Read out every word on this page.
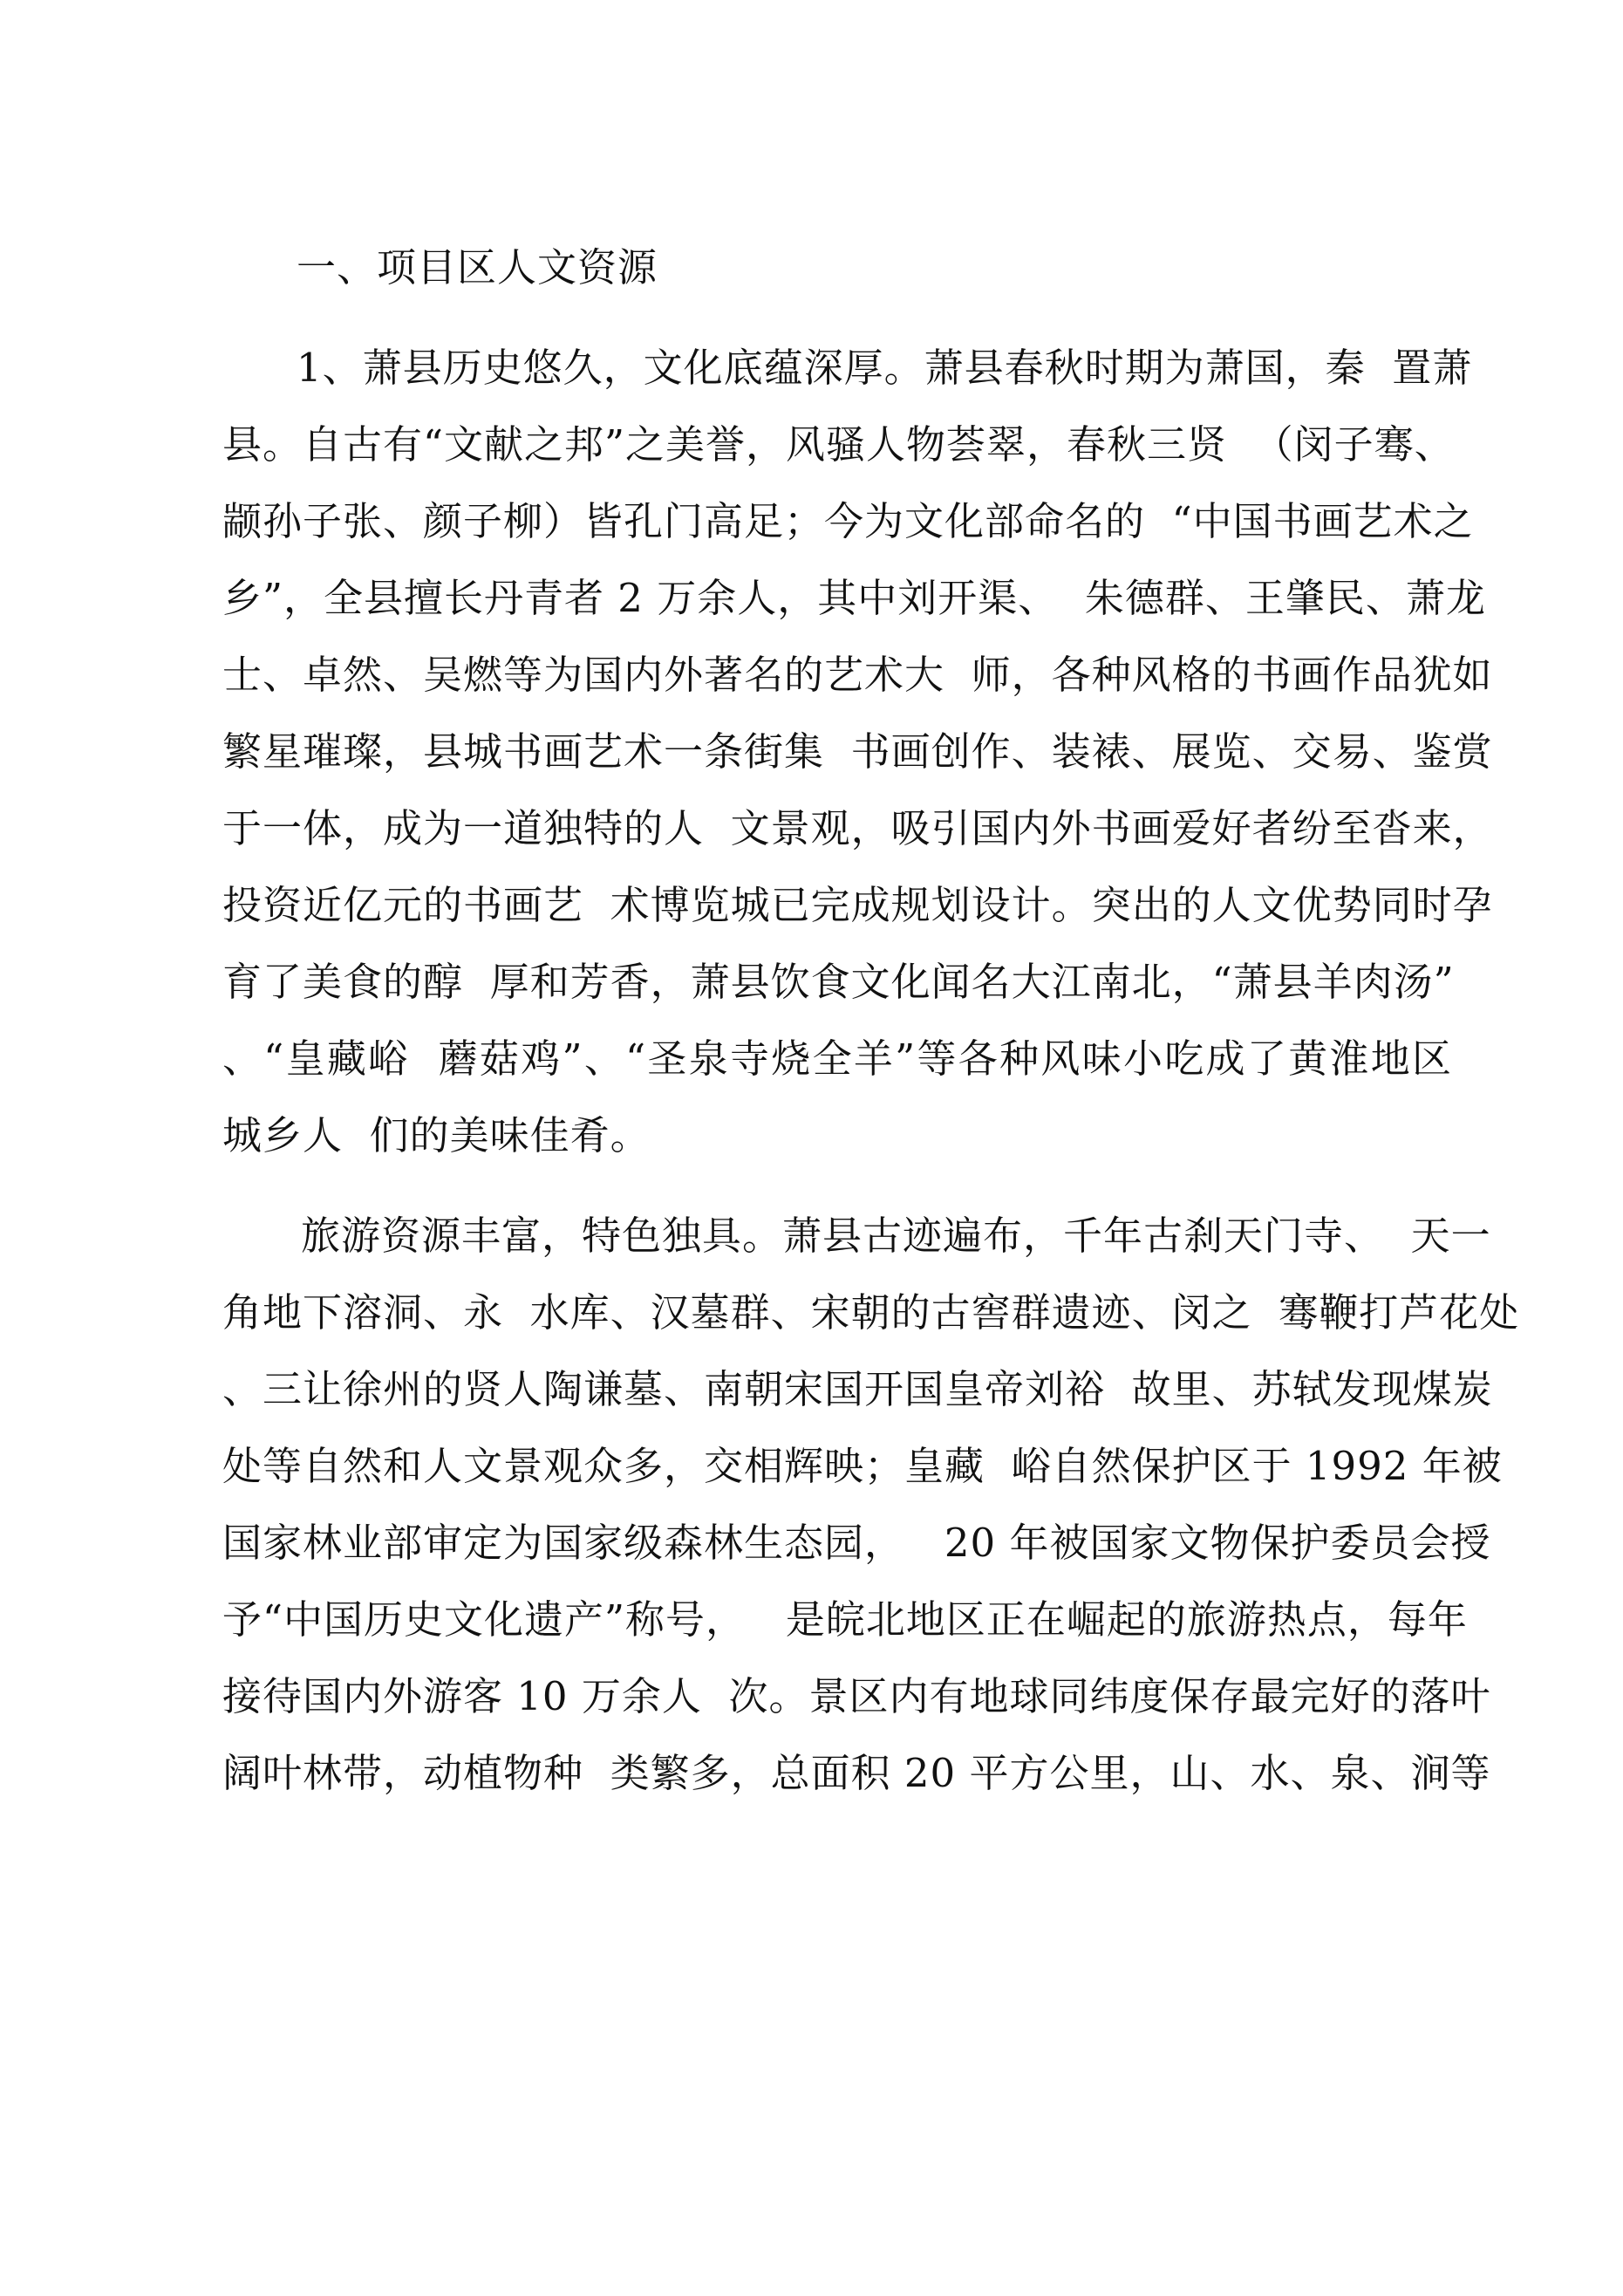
一、项目区人文资源
1、萧县历史悠久，文化底蕴深厚。萧县春秋时期为萧国，秦  置萧
县。自古有“文献之邦”之美誉，风骚人物荟翠，春秋三贤  （闵子骞、
颛孙子张、颜子柳）皆孔门高足；今为文化部命名的  “中国书画艺术之
乡”，全县擅长丹青者 2 万余人，其中刘开渠、  朱德群、王肇民、萧龙
士、卓然、吴燃等为国内外著名的艺术大  师，各种风格的书画作品犹如
繁星璀璨，县城书画艺术一条街集  书画创作、装裱、展览、交易、鉴赏
于一体，成为一道独特的人  文景观，吸引国内外书画爱好者纷至沓来，
投资近亿元的书画艺  术博览城已完成规划设计。突出的人文优势同时孕
育了美食的醇  厚和芳香，萧县饮食文化闻名大江南北，“萧县羊肉汤”
、“皇藏峪  蘑菇鸡”、“圣泉寺烧全羊”等各种风味小吃成了黄淮地区
城乡人  们的美味佳肴。
旅游资源丰富，特色独具。萧县古迹遍布，千年古刹天门寺、  天一
角地下溶洞、永  水库、汉墓群、宋朝的古窖群遗迹、闵之  骞鞭打芦花处
、三让徐州的贤人陶谦墓、南朝宋国开国皇帝刘裕  故里、苏轼发现煤炭
处等自然和人文景观众多，交相辉映；皇藏  峪自然保护区于 1992 年被
国家林业部审定为国家级森林生态园，   20 年被国家文物保护委员会授
予“中国历史文化遗产”称号，   是皖北地区正在崛起的旅游热点，每年
接待国内外游客 10 万余人  次。景区内有地球同纬度保存最完好的落叶
阔叶林带，动植物种  类繁多，总面积 20 平方公里，山、水、泉、涧等
